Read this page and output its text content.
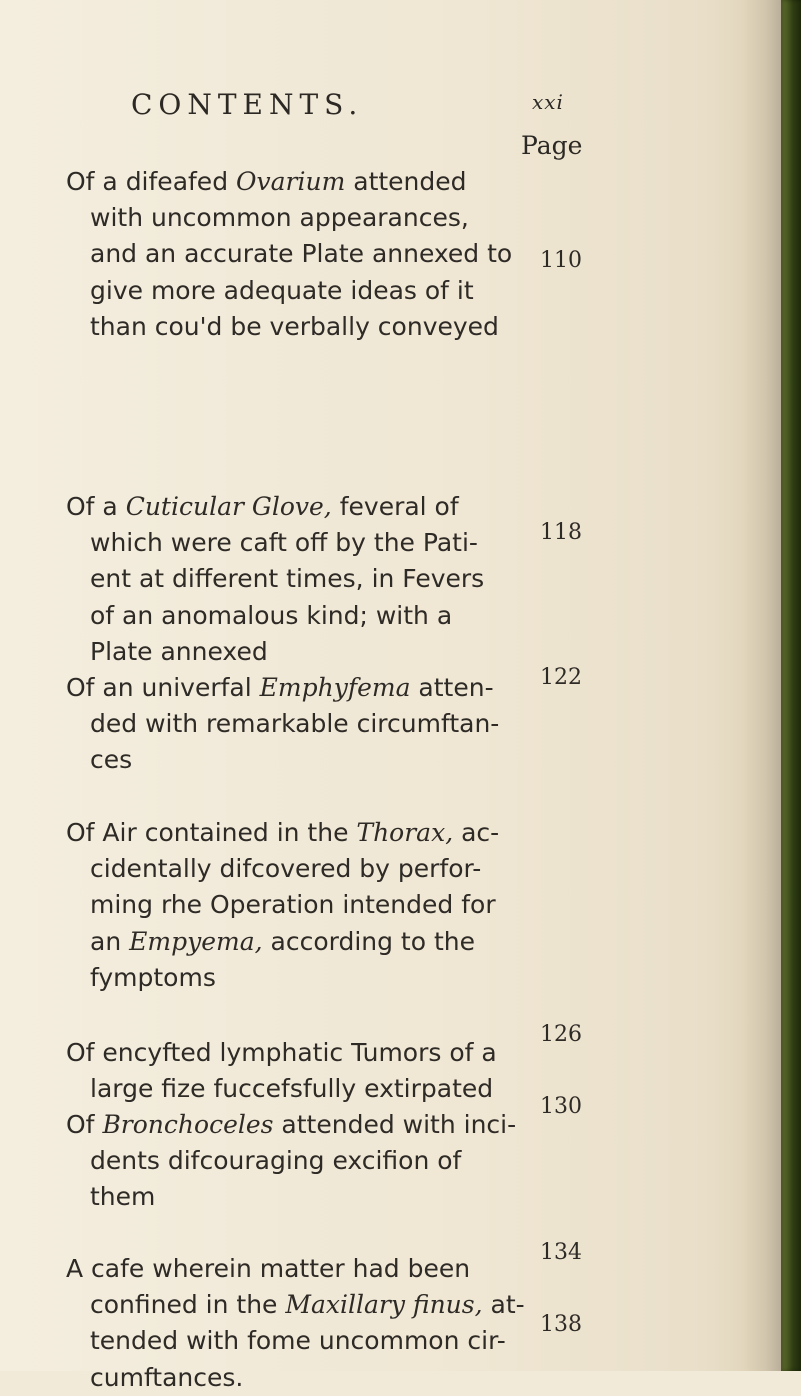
CONTENTS.	xxi
Page
Of a difeafed Ovarium attended
with uncommon appearances,
and an accurate Plate annexed to
give more adequate ideas of it
than cou'd be verbally conveyed
110
Of a Cuticular Glove, feveral of
which were caft off by the Pati-
ent at different times, in Fevers
of an anomalous kind; with a
Plate annexed
118
Of an univerfal Emphyfema atten-
ded with remarkable circumftan-
ces
122
Of Air contained in the Thorax, ac-
cidentally difcovered by perfor-
ming rhe Operation intended for
an Empyema, according to the
fymptoms
126
Of encyfted lymphatic Tumors of a
large fize fuccefsfully extirpated
130
Of Bronchoceles attended with inci-
dents difcouraging excifion of
them
134
A cafe wherein matter had been
confined in the Maxillary finus, at-
tended with fome uncommon cir-
cumftances.
138
